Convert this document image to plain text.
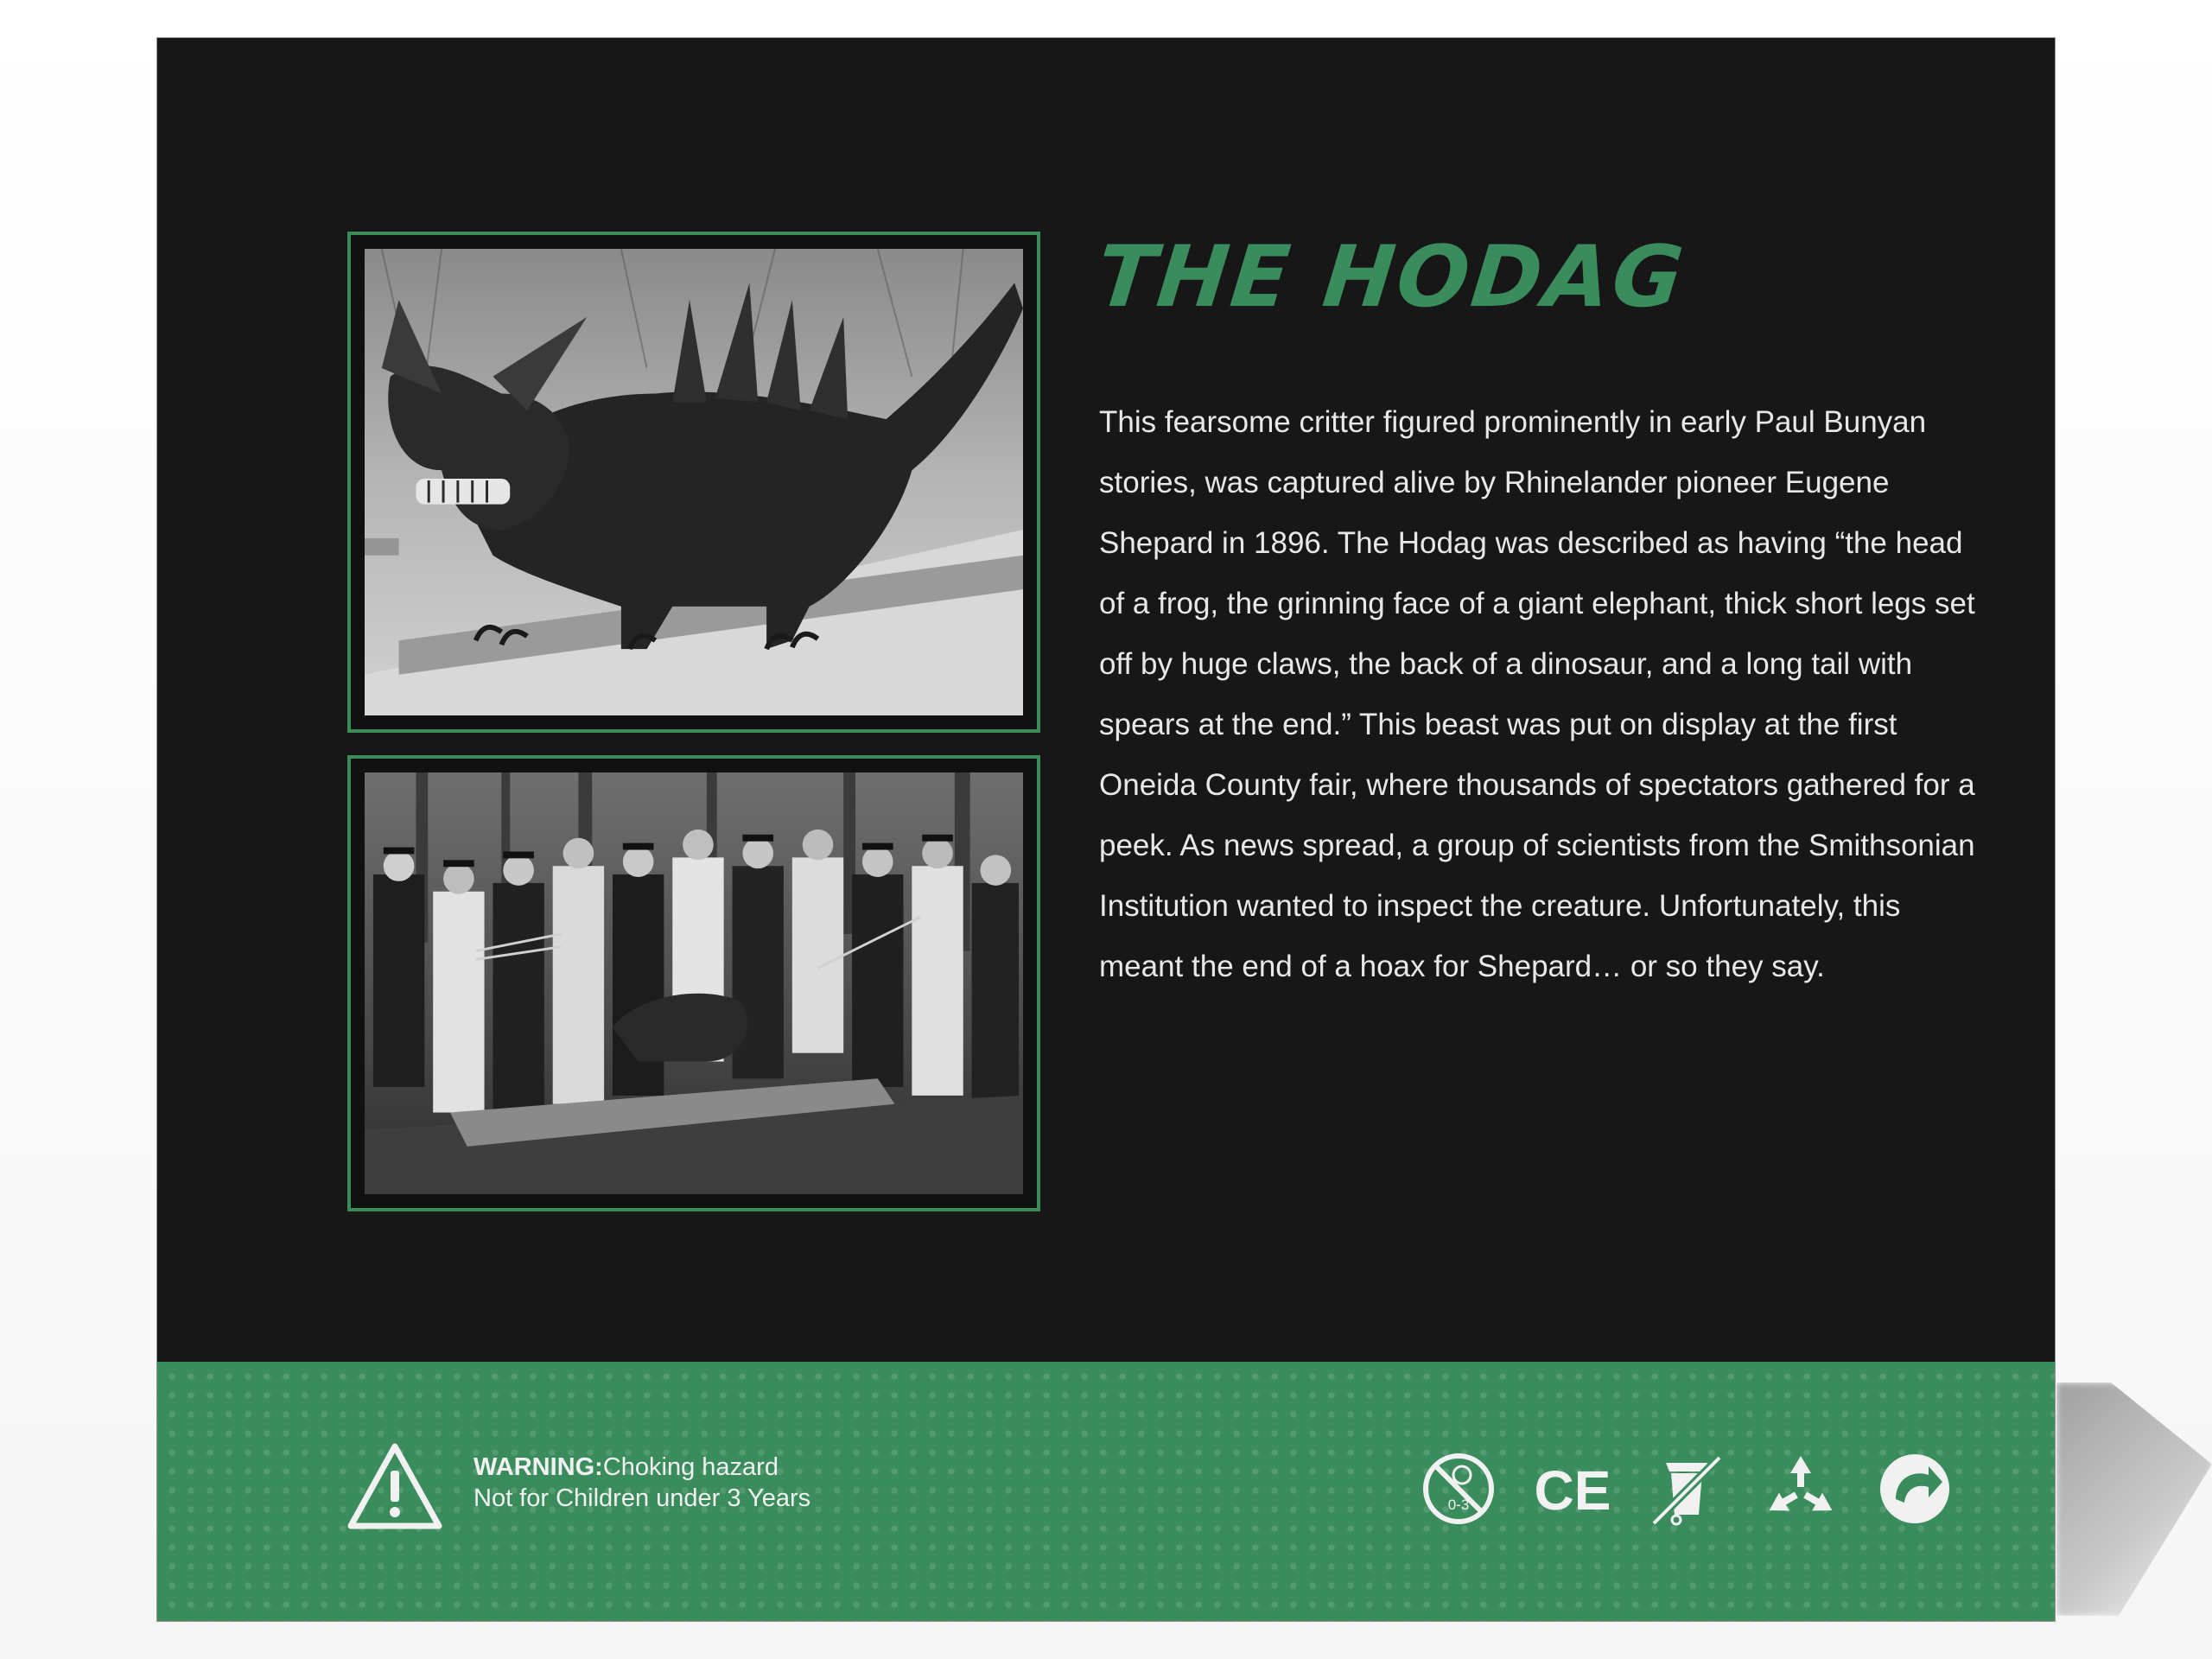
THE HODAG

This fearsome critter figured prominently in early Paul Bunyan stories, was captured alive by Rhinelander pioneer Eugene Shepard in 1896. The Hodag was described as having “the head of a frog, the grinning face of a giant elephant, thick short legs set off by huge claws, the back of a dinosaur, and a long tail with spears at the end.” This beast was put on display at the first Oneida County fair, where thousands of spectators gathered for a peek. As news spread, a group of scientists from the Smithsonian Institution wanted to inspect the creature. Unfortunately, this meant the end of a hoax for Shepard… or so they say.

WARNING:Choking hazard
Not for Children under 3 Years	0-3 CE
